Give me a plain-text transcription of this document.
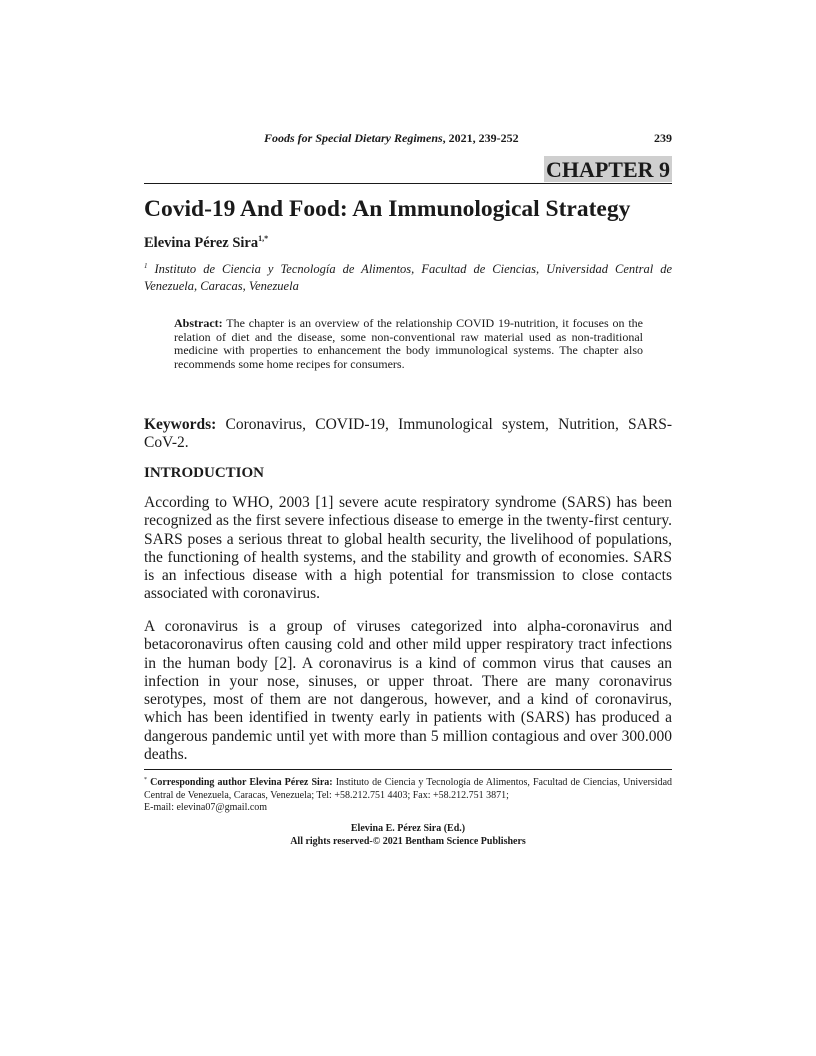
Foods for Special Dietary Regimens, 2021, 239-252	239
CHAPTER 9
Covid-19 And Food: An Immunological Strategy
Elevina Pérez Sira$^{1,*}$
$^1$ Instituto de Ciencia y Tecnología de Alimentos, Facultad de Ciencias, Universidad Central de Venezuela, Caracas, Venezuela
Abstract: The chapter is an overview of the relationship COVID 19-nutrition, it focuses on the relation of diet and the disease, some non-conventional raw material used as non-traditional medicine with properties to enhancement the body immunological systems. The chapter also recommends some home recipes for consumers.
Keywords: Coronavirus, COVID-19, Immunological system, Nutrition, SARS-CoV-2.
INTRODUCTION
According to WHO, 2003 [1] severe acute respiratory syndrome (SARS) has been recognized as the first severe infectious disease to emerge in the twenty-first century. SARS poses a serious threat to global health security, the livelihood of populations, the functioning of health systems, and the stability and growth of economies. SARS is an infectious disease with a high potential for transmission to close contacts associated with coronavirus.
A coronavirus is a group of viruses categorized into alpha-coronavirus and betacoronavirus often causing cold and other mild upper respiratory tract infections in the human body [2]. A coronavirus is a kind of common virus that causes an infection in your nose, sinuses, or upper throat. There are many coronavirus serotypes, most of them are not dangerous, however, and a kind of coronavirus, which has been identified in twenty early in patients with (SARS) has produced a dangerous pandemic until yet with more than 5 million contagious and over 300.000 deaths.
* Corresponding author Elevina Pérez Sira: Instituto de Ciencia y Tecnología de Alimentos, Facultad de Ciencias, Universidad Central de Venezuela, Caracas, Venezuela; Tel: +58.212.751 4403; Fax: +58.212.751 3871;
E-mail: elevina07@gmail.com
Elevina E. Pérez Sira (Ed.)
All rights reserved-© 2021 Bentham Science Publishers
